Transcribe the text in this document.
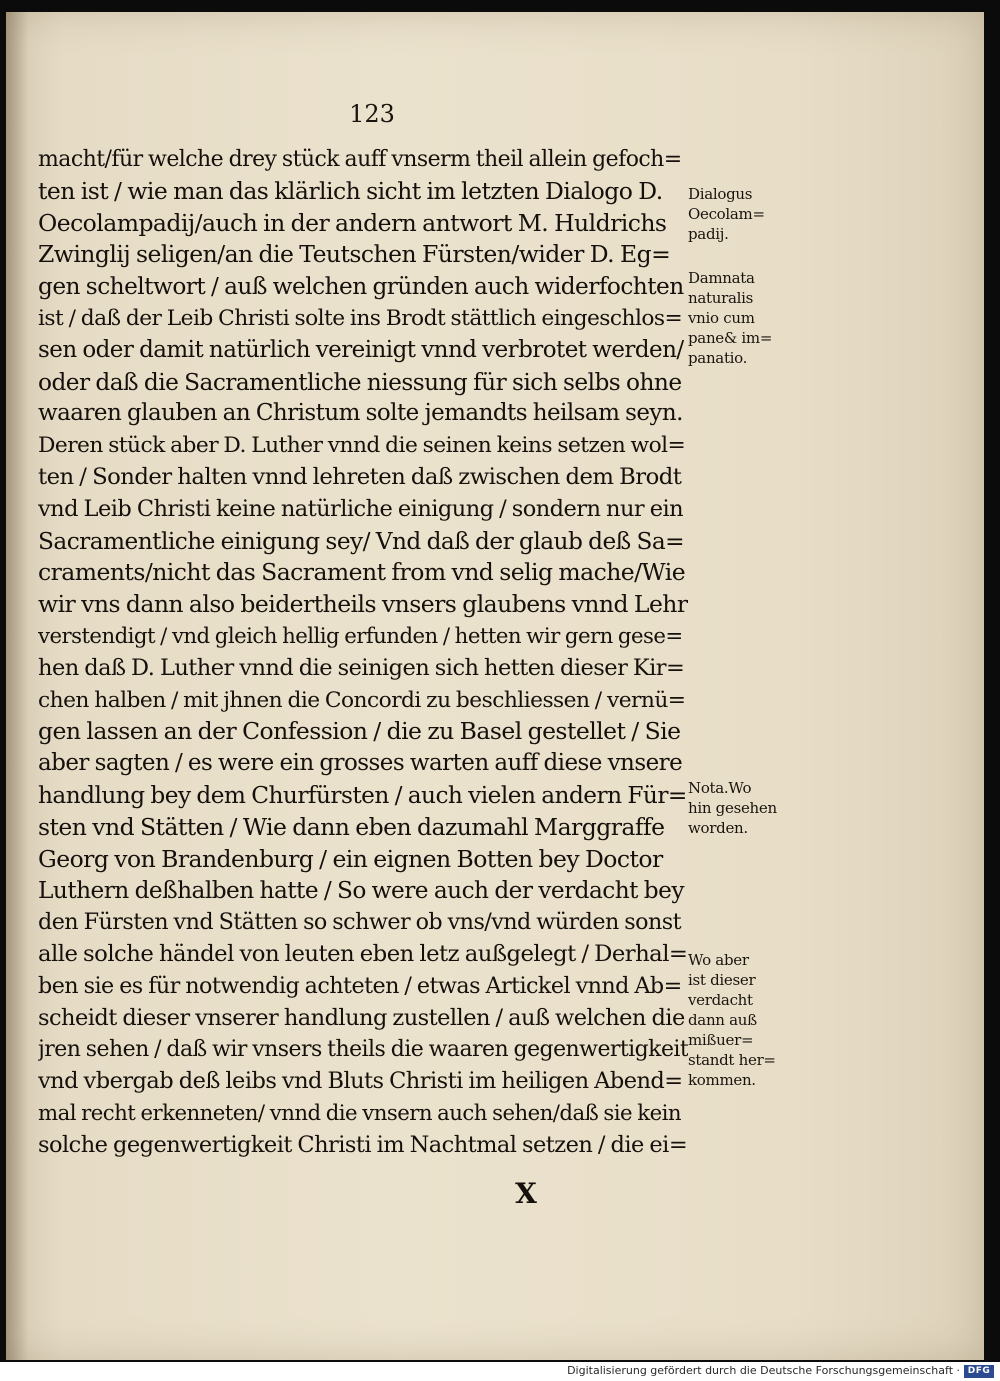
123
macht/für welche drey stück auff vnserm theil allein gefoch=
ten ist / wie man das klärlich sicht im letzten Dialogo D.
Oecolampadij/auch in der andern antwort M. Huldrichs
Zwinglij seligen/an die Teutschen Fürsten/wider D. Eg=
gen scheltwort / auß welchen gründen auch widerfochten
ist / daß der Leib Christi solte ins Brodt stättlich eingeschlos=
sen oder damit natürlich vereinigt vnnd verbrotet werden/
oder daß die Sacramentliche niessung für sich selbs ohne
waaren glauben an Christum solte jemandts heilsam seyn.
Deren stück aber D. Luther vnnd die seinen keins setzen wol=
ten / Sonder halten vnnd lehreten daß zwischen dem Brodt
vnd Leib Christi keine natürliche einigung / sondern nur ein
Sacramentliche einigung sey/ Vnd daß der glaub deß Sa=
craments/nicht das Sacrament from vnd selig mache/Wie
wir vns dann also beidertheils vnsers glaubens vnnd Lehr
verstendigt / vnd gleich hellig erfunden / hetten wir gern gese=
hen daß D. Luther vnnd die seinigen sich hetten dieser Kir=
chen halben / mit jhnen die Concordi zu beschliessen / vernü=
gen lassen an der Confession / die zu Basel gestellet / Sie
aber sagten / es were ein grosses warten auff diese vnsere
handlung bey dem Churfürsten / auch vielen andern Für=
sten vnd Stätten / Wie dann eben dazumahl Marggraffe
Georg von Brandenburg / ein eignen Botten bey Doctor
Luthern deßhalben hatte / So were auch der verdacht bey
den Fürsten vnd Stätten so schwer ob vns/vnd würden sonst
alle solche händel von leuten eben letz außgelegt / Derhal=
ben sie es für notwendig achteten / etwas Artickel vnnd Ab=
scheidt dieser vnserer handlung zustellen / auß welchen die
jren sehen / daß wir vnsers theils die waaren gegenwertigkeit
vnd vbergab deß leibs vnd Bluts Christi im heiligen Abend=
mal recht erkenneten/ vnnd die vnsern auch sehen/daß sie kein
solche gegenwertigkeit Christi im Nachtmal setzen / die ei=
Dialogus
Oecolam=
padij.
Damnata
naturalis
vnio cum
pane& im=
panatio.
Nota.Wo
hin gesehen
worden.
Wo aber
ist dieser
verdacht
dann auß
mißuer=
standt her=
kommen.
X
Digitalisierung gefördert durch die Deutsche Forschungsgemeinschaft · DFG
